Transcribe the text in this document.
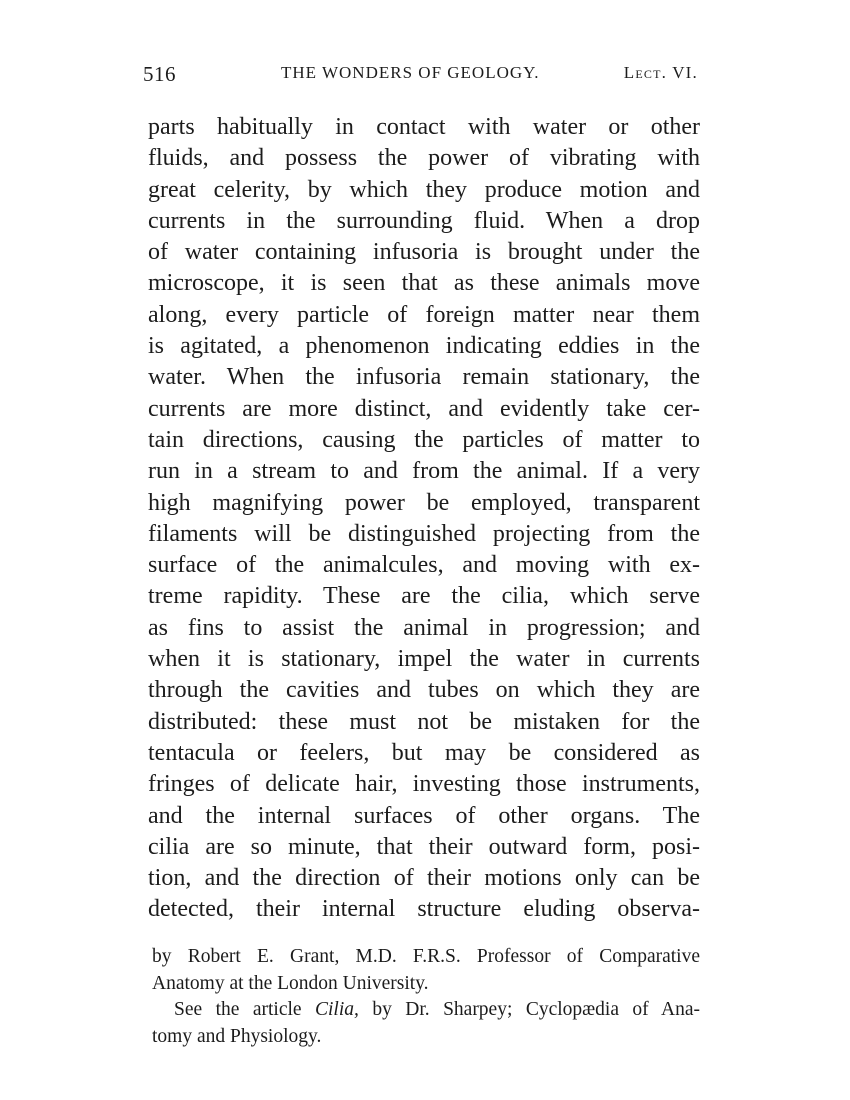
516	THE WONDERS OF GEOLOGY.	Lect. VI.
parts habitually in contact with water or other
fluids, and possess the power of vibrating with
great celerity, by which they produce motion and
currents in the surrounding fluid. When a drop
of water containing infusoria is brought under the
microscope, it is seen that as these animals move
along, every particle of foreign matter near them
is agitated, a phenomenon indicating eddies in the
water. When the infusoria remain stationary, the
currents are more distinct, and evidently take cer-
tain directions, causing the particles of matter to
run in a stream to and from the animal. If a very
high magnifying power be employed, transparent
filaments will be distinguished projecting from the
surface of the animalcules, and moving with ex-
treme rapidity. These are the cilia, which serve
as fins to assist the animal in progression; and
when it is stationary, impel the water in currents
through the cavities and tubes on which they are
distributed: these must not be mistaken for the
tentacula or feelers, but may be considered as
fringes of delicate hair, investing those instruments,
and the internal surfaces of other organs. The
cilia are so minute, that their outward form, posi-
tion, and the direction of their motions only can be
detected, their internal structure eluding observa-
by Robert E. Grant, M.D. F.R.S. Professor of Comparative
Anatomy at the London University.
See the article Cilia, by Dr. Sharpey; Cyclopædia of Ana-
tomy and Physiology.
